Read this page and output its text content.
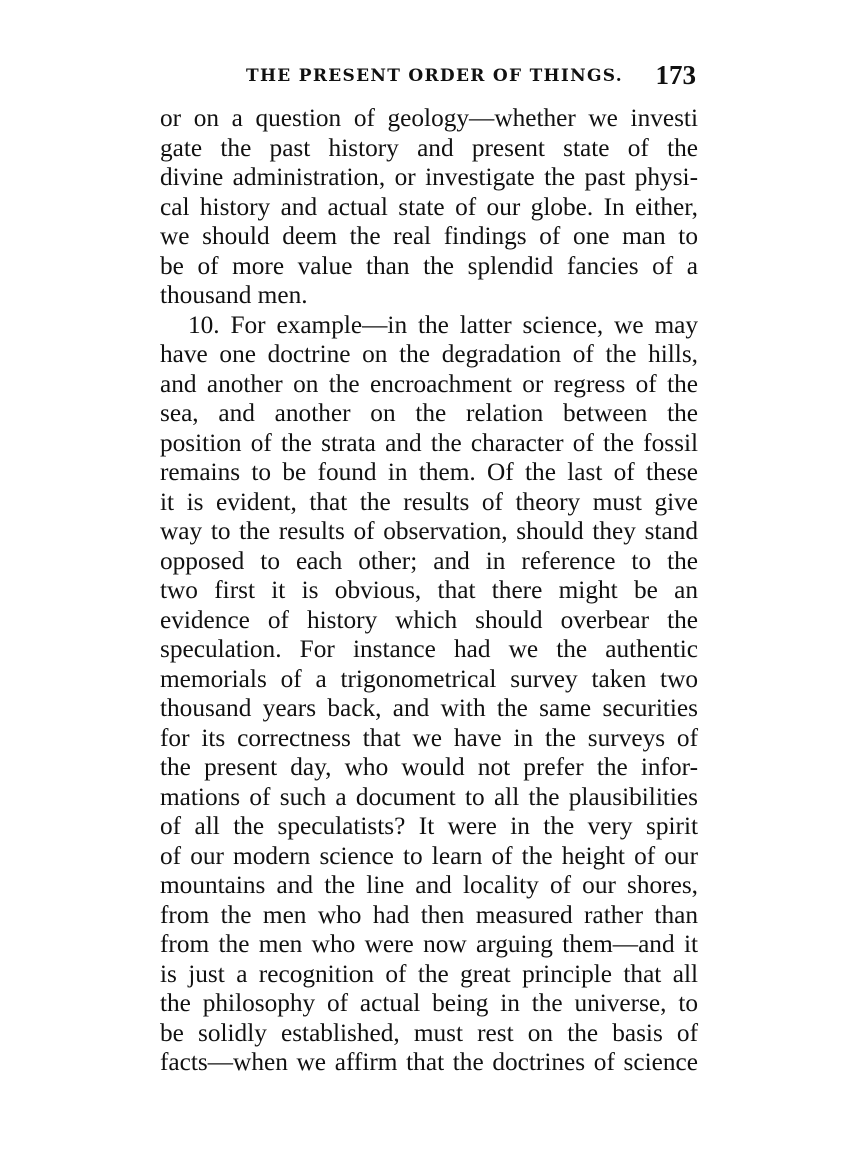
THE PRESENT ORDER OF THINGS. 173
or on a question of geology—whether we investi
gate the past history and present state of the
divine administration, or investigate the past physi-
cal history and actual state of our globe. In either,
we should deem the real findings of one man to
be of more value than the splendid fancies of a
thousand men.
10. For example—in the latter science, we may
have one doctrine on the degradation of the hills,
and another on the encroachment or regress of the
sea, and another on the relation between the
position of the strata and the character of the fossil
remains to be found in them. Of the last of these
it is evident, that the results of theory must give
way to the results of observation, should they stand
opposed to each other; and in reference to the
two first it is obvious, that there might be an
evidence of history which should overbear the
speculation. For instance had we the authentic
memorials of a trigonometrical survey taken two
thousand years back, and with the same securities
for its correctness that we have in the surveys of
the present day, who would not prefer the infor-
mations of such a document to all the plausibilities
of all the speculatists? It were in the very spirit
of our modern science to learn of the height of our
mountains and the line and locality of our shores,
from the men who had then measured rather than
from the men who were now arguing them—and it
is just a recognition of the great principle that all
the philosophy of actual being in the universe, to
be solidly established, must rest on the basis of
facts—when we affirm that the doctrines of science
